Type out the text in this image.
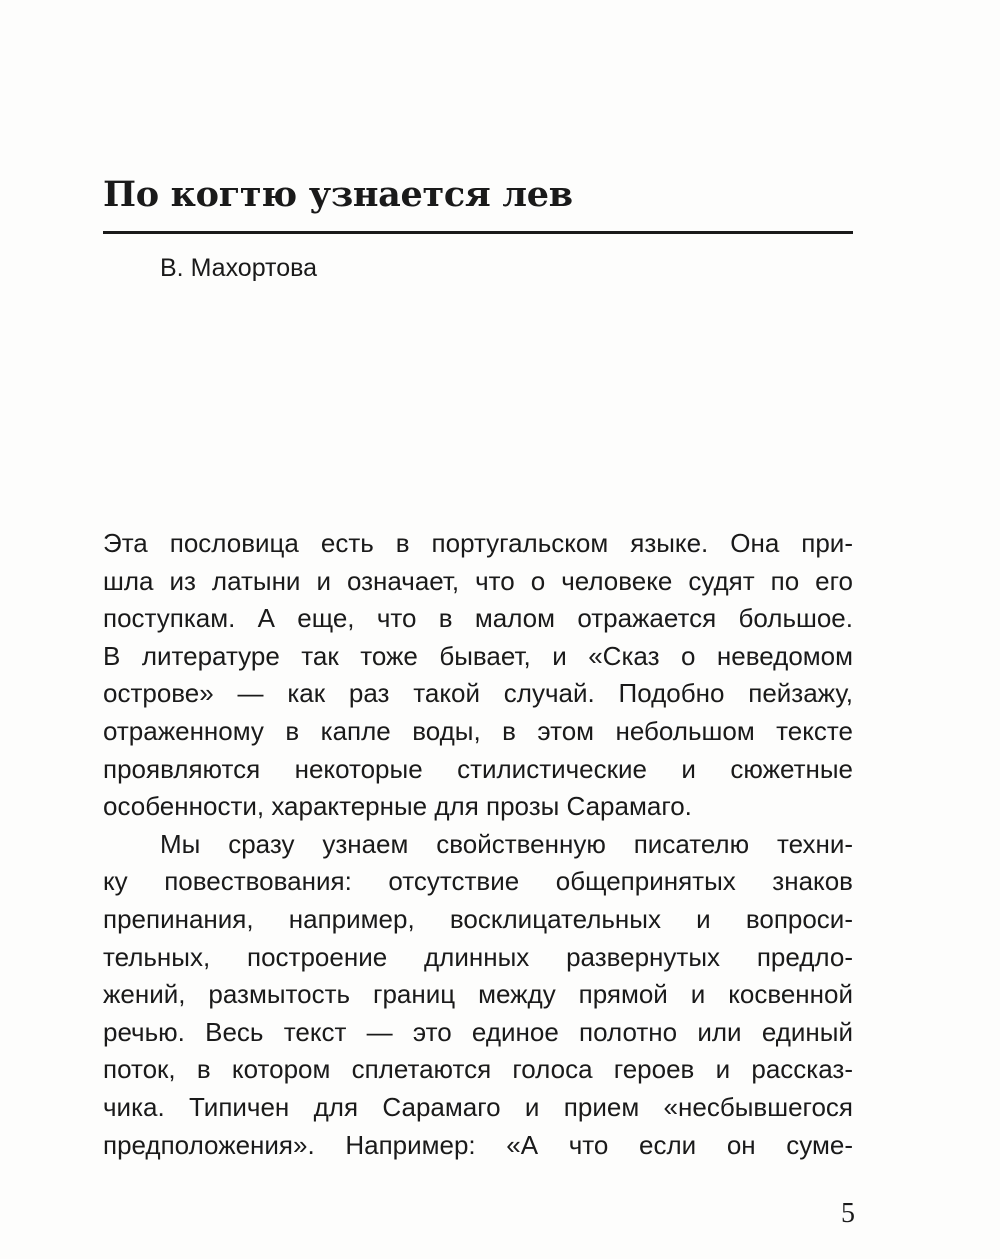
По когтю узнается лев
В. Махортова
Эта пословица есть в португальском языке. Она при-
шла из латыни и означает, что о человеке судят по его
поступкам. А еще, что в малом отражается большое.
В литературе так тоже бывает, и «Сказ о неведомом
острове» — как раз такой случай. Подобно пейзажу,
отраженному в капле воды, в этом небольшом тексте
проявляются некоторые стилистические и сюжетные
особенности, характерные для прозы Сарамаго.
Мы сразу узнаем свойственную писателю техни-
ку повествования: отсутствие общепринятых знаков
препинания, например, восклицательных и вопроси-
тельных, построение длинных развернутых предло-
жений, размытость границ между прямой и косвенной
речью. Весь текст — это единое полотно или единый
поток, в котором сплетаются голоса героев и рассказ-
чика. Типичен для Сарамаго и прием «несбывшегося
предположения». Например: «А что если он суме-
5
